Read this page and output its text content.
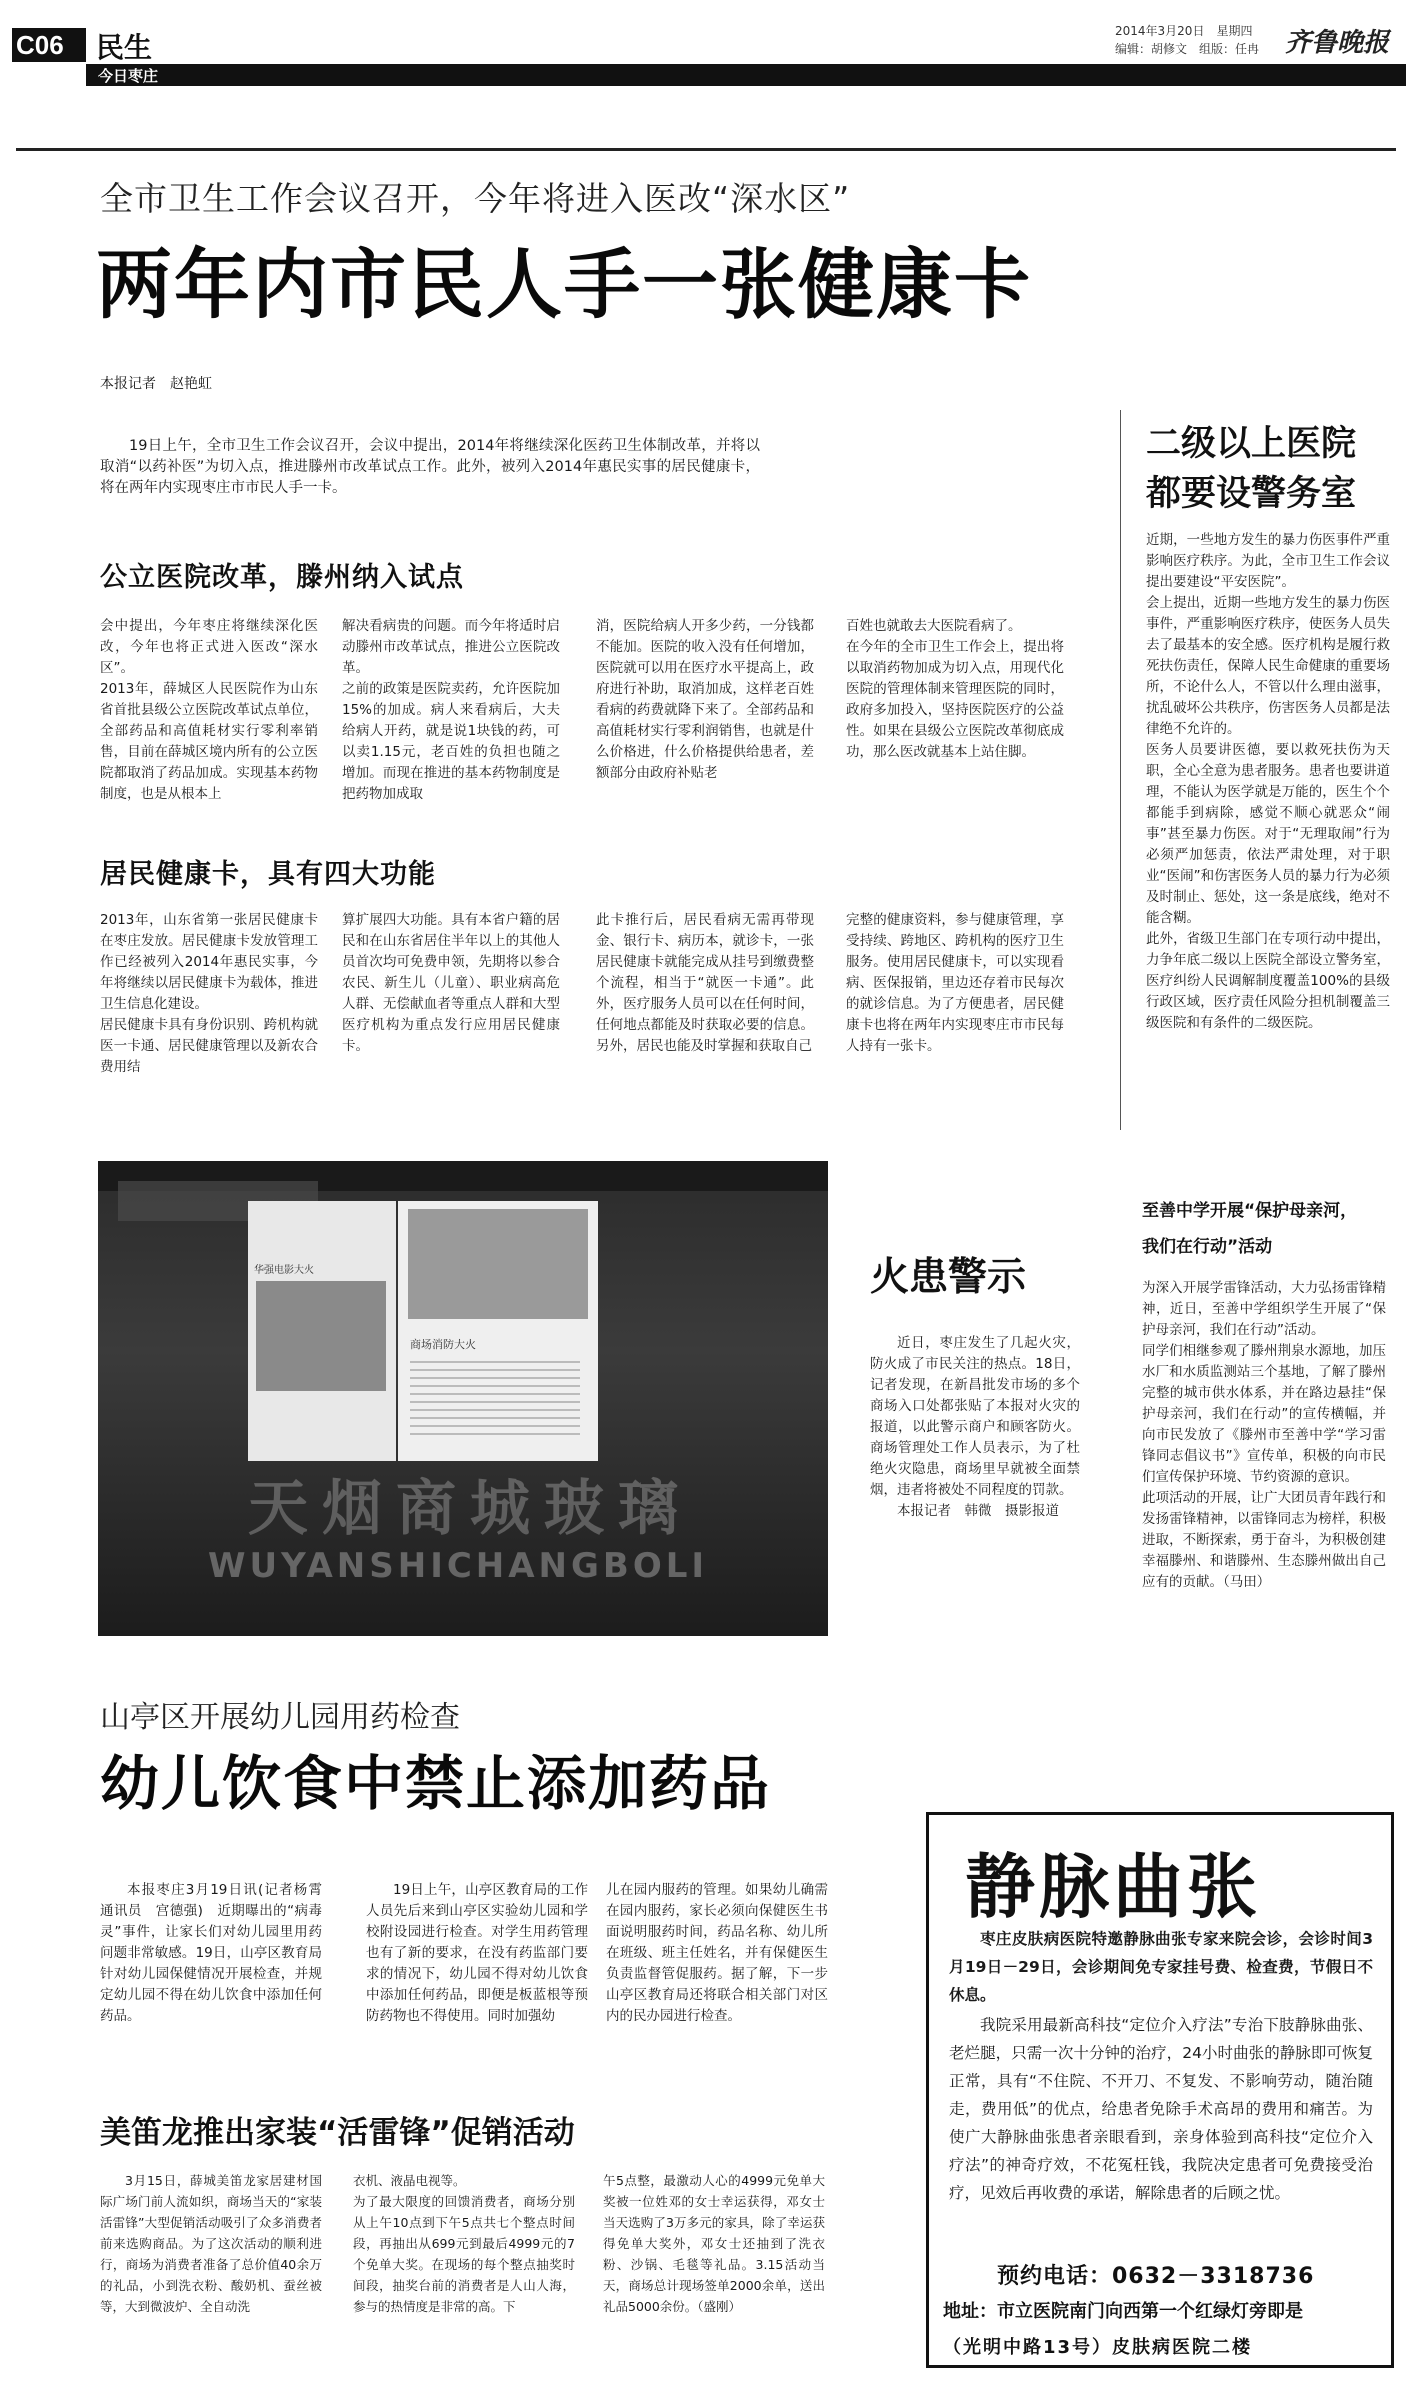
C06 民生
今日枣庄
2014年3月20日　星期四
编辑：胡修文　组版：任冉 齐鲁晚报
全市卫生工作会议召开，今年将进入医改“深水区”
两年内市民人手一张健康卡
本报记者　赵艳虹

19日上午，全市卫生工作会议召开，会议中提出，2014年将继续深化医药卫生体制改革，并将以取消“以药补医”为切入点，推进滕州市改革试点工作。此外，被列入2014年惠民实事的居民健康卡，将在两年内实现枣庄市市民人手一卡。

公立医院改革，滕州纳入试点
会中提出，今年枣庄将继续深化医改，今年也将正式进入医改“深水区”。
2013年，薛城区人民医院作为山东省首批县级公立医院改革试点单位，全部药品和高值耗材实行零利率销售，目前在薛城区境内所有的公立医院都取消了药品加成。实现基本药物制度，也是从根本上
解决看病贵的问题。而今年将适时启动滕州市改革试点，推进公立医院改革。
之前的政策是医院卖药，允许医院加15%的加成。病人来看病后，大夫给病人开药，就是说1块钱的药，可以卖1.15元，老百姓的负担也随之增加。而现在推进的基本药物制度是把药物加成取
消，医院给病人开多少药，一分钱都不能加。医院的收入没有任何增加，医院就可以用在医疗水平提高上，政府进行补助，取消加成，这样老百姓看病的药费就降下来了。全部药品和高值耗材实行零利润销售，也就是什么价格进，什么价格提供给患者，差额部分由政府补贴老
百姓也就敢去大医院看病了。
在今年的全市卫生工作会上，提出将以取消药物加成为切入点，用现代化医院的管理体制来管理医院的同时，政府多加投入，坚持医院医疗的公益性。如果在县级公立医院改革彻底成功，那么医改就基本上站住脚。
居民健康卡，具有四大功能
2013年，山东省第一张居民健康卡在枣庄发放。居民健康卡发放管理工作已经被列入2014年惠民实事，今年将继续以居民健康卡为载体，推进卫生信息化建设。
居民健康卡具有身份识别、跨机构就医一卡通、居民健康管理以及新农合费用结
算扩展四大功能。具有本省户籍的居民和在山东省居住半年以上的其他人员首次均可免费申领，先期将以参合农民、新生儿（儿童）、职业病高危人群、无偿献血者等重点人群和大型医疗机构为重点发行应用居民健康卡。
此卡推行后，居民看病无需再带现金、银行卡、病历本，就诊卡，一张居民健康卡就能完成从挂号到缴费整个流程，相当于“就医一卡通”。此外，医疗服务人员可以在任何时间，任何地点都能及时获取必要的信息。另外，居民也能及时掌握和获取自己
完整的健康资料，参与健康管理，享受持续、跨地区、跨机构的医疗卫生服务。使用居民健康卡，可以实现看病、医保报销，里边还存着市民每次的就诊信息。为了方便患者，居民健康卡也将在两年内实现枣庄市市民每人持有一张卡。
二级以上医院
都要设警务室
近期，一些地方发生的暴力伤医事件严重影响医疗秩序。为此，全市卫生工作会议提出要建设“平安医院”。
会上提出，近期一些地方发生的暴力伤医事件，严重影响医疗秩序，使医务人员失去了最基本的安全感。医疗机构是履行救死扶伤责任，保障人民生命健康的重要场所，不论什么人，不管以什么理由滋事，扰乱破坏公共秩序，伤害医务人员都是法律绝不允许的。
医务人员要讲医德，要以救死扶伤为天职，全心全意为患者服务。患者也要讲道理，不能认为医学就是万能的，医生个个都能手到病除，感觉不顺心就恶众“闹事”甚至暴力伤医。对于“无理取闹”行为必须严加惩责，依法严肃处理，对于职业“医闹”和伤害医务人员的暴力行为必须及时制止、惩处，这一条是底线，绝对不能含糊。
此外，省级卫生部门在专项行动中提出，力争年底二级以上医院全部设立警务室，医疗纠纷人民调解制度覆盖100%的县级行政区域，医疗责任风险分担机制覆盖三级医院和有条件的二级医院。
华强电影大火
商场消防大火
天烟商城玻璃
WUYANSHICHANGBOLI
火患警示

近日，枣庄发生了几起火灾，防火成了市民关注的热点。18日，记者发现，在新昌批发市场的多个商场入口处都张贴了本报对火灾的报道，以此警示商户和顾客防火。商场管理处工作人员表示，为了杜绝火灾隐患，商场里早就被全面禁烟，违者将被处不同程度的罚款。

本报记者　韩微　摄影报道

至善中学开展“保护母亲河，
我们在行动”活动
为深入开展学雷锋活动，大力弘扬雷锋精神，近日，至善中学组织学生开展了“保护母亲河，我们在行动”活动。
同学们相继参观了滕州荆泉水源地，加压水厂和水质监测站三个基地，了解了滕州完整的城市供水体系，并在路边悬挂“保护母亲河，我们在行动”的宣传横幅，并向市民发放了《滕州市至善中学“学习雷锋同志倡议书”》宣传单，积极的向市民们宣传保护环境、节约资源的意识。
此项活动的开展，让广大团员青年践行和发扬雷锋精神，以雷锋同志为榜样，积极进取，不断探索，勇于奋斗，为积极创建幸福滕州、和谐滕州、生态滕州做出自己应有的贡献。（马田）
山亭区开展幼儿园用药检查
幼儿饮食中禁止添加药品

本报枣庄3月19日讯(记者杨霄　通讯员　宫德强)　近期曝出的“病毒灵”事件，让家长们对幼儿园里用药问题非常敏感。19日，山亭区教育局针对幼儿园保健情况开展检查，并规定幼儿园不得在幼儿饮食中添加任何药品。

19日上午，山亭区教育局的工作人员先后来到山亭区实验幼儿园和学校附设园进行检查。对学生用药管理也有了新的要求，在没有药监部门要求的情况下，幼儿园不得对幼儿饮食中添加任何药品，即便是板蓝根等预防药物也不得使用。同时加强幼

儿在园内服药的管理。如果幼儿确需在园内服药，家长必须向保健医生书面说明服药时间，药品名称、幼儿所在班级、班主任姓名，并有保健医生负责监督管促服药。据了解，下一步山亭区教育局还将联合相关部门对区内的民办园进行检查。

美笛龙推出家装“活雷锋”促销活动

3月15日，薛城美笛龙家居建材国际广场门前人流如织，商场当天的“家装活雷锋”大型促销活动吸引了众多消费者前来选购商品。为了这次活动的顺利进行，商场为消费者准备了总价值40余万的礼品，小到洗衣粉、酸奶机、蚕丝被等，大到微波炉、全自动洗

衣机、液晶电视等。
为了最大限度的回馈消费者，商场分别从上午10点到下午5点共七个整点时间段，再抽出从699元到最后4999元的7个免单大奖。在现场的每个整点抽奖时间段，抽奖台前的消费者是人山人海，参与的热情度是非常的高。下

午5点整，最激动人心的4999元免单大奖被一位姓邓的女士幸运获得，邓女士当天选购了3万多元的家具，除了幸运获得免单大奖外，邓女士还抽到了洗衣粉、沙锅、毛毯等礼品。3.15活动当天，商场总计现场签单2000余单，送出礼品5000余份。（盛刚）

静脉曲张

枣庄皮肤病医院特邀静脉曲张专家来院会诊，会诊时间3月19日－29日，会诊期间免专家挂号费、检查费，节假日不休息。

我院采用最新高科技“定位介入疗法”专治下肢静脉曲张、老烂腿，只需一次十分钟的治疗，24小时曲张的静脉即可恢复正常，具有“不住院、不开刀、不复发、不影响劳动，随治随走，费用低”的优点，给患者免除手术高昂的费用和痛苦。为使广大静脉曲张患者亲眼看到，亲身体验到高科技“定位介入疗法”的神奇疗效，不花冤枉钱，我院决定患者可免费接受治疗，见效后再收费的承诺，解除患者的后顾之忧。

预约电话：0632－3318736
地址：市立医院南门向西第一个红绿灯旁即是
（光明中路13号）皮肤病医院二楼
